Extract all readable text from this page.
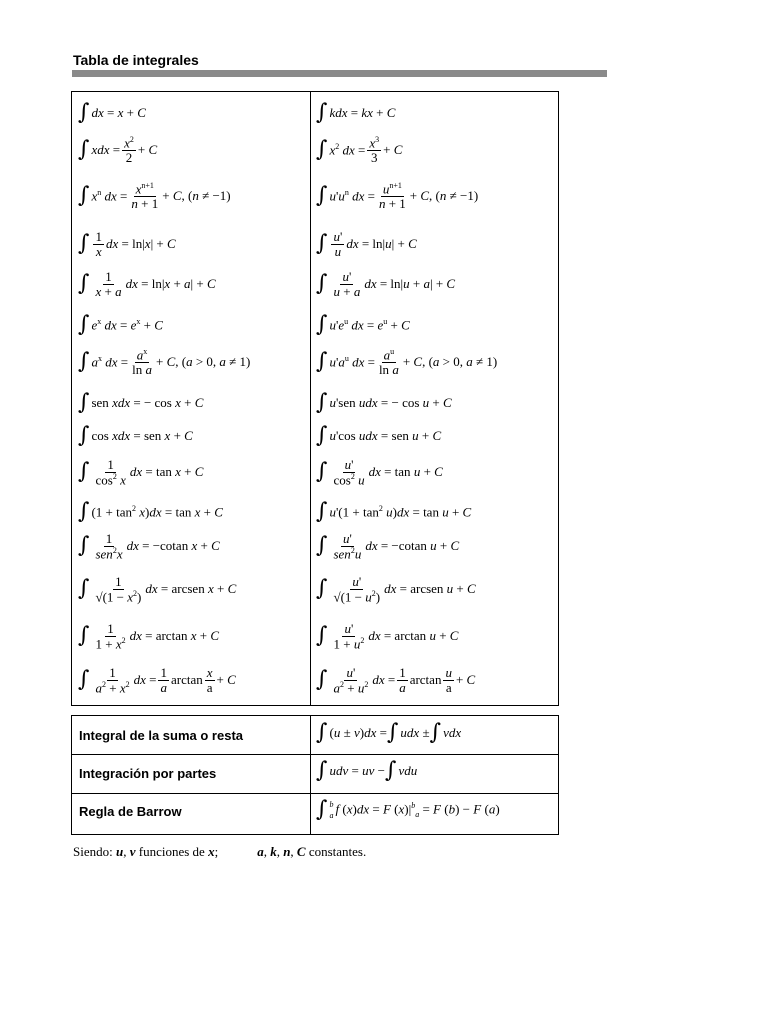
Tabla de integrales
∫ dx = x + C
∫ xdx = $\frac{x^2}{2} + C$
∫ $x^n$ dx = $\frac{x^{n+1}}{n + 1} + C$, (n ≠ −1)
∫ $\frac{1}{x}$ dx = ln|x| + C
∫ $\frac{1}{x + a}$ dx = ln|x + a| + C
∫ $e^x$ dx = $e^x + C$
∫ $a^x$ dx = $\frac{a^x}{\text{ln a}} + C$, (a > 0, a ≠ 1)
∫ sen xdx = − cos x + C
∫ cos xdx = sen x + C
∫ $\frac{1}{\cos^2 x}$ dx = tan x + C
∫ $(1 + \tan^2 x)dx = \tan x + C$
∫ $\frac{1}{sen^2x}$ dx = −cotan x + C
∫ $\frac{1}{√(1 - x^2)}$ dx = arcsen x + C
∫ $\frac{1}{1 + x^2}$ dx = arctan x + C
∫ $\frac{1}{a^2 + x^2}$ dx = $\frac{1}{a}$ $\arctan \frac{x}{a} + C$
∫ kdx = kx + C
∫ $x^2$ dx = $\frac{x^3}{3} + C$
∫ $u'u^n$ dx = $\frac{u^{n+1}}{n + 1} + C$, (n ≠ −1)
∫ $\frac{u'}{u}$ dx = ln|u| + C
∫ $\frac{u'}{u + a}$ dx = ln|u + a| + C
∫ $u'e^u$ dx = $e^u + C$
∫ $u'a^u$ dx = $\frac{a^u}{\text{ln a}} + C$, (a > 0, a ≠ 1)
∫ u'sen udx = − cos u + C
∫ u'cos udx = sen u + C
∫ $\frac{u'}{\cos^2 u}$ dx = tan u + C
∫ $u'(1 + \tan^2 u)dx = \tan u + C$
∫ $\frac{u'}{sen^2u}$ dx = −cotan u + C
∫ $\frac{u'}{√(1 - u^2)}$ dx = arcsen u + C
∫ $\frac{u'}{1 + u^2}$ dx = arctan u + C
∫ $\frac{u'}{a^2 + u^2}$ dx = $\frac{1}{a}$ $\arctan \frac{u}{a} + C$
Integral de la suma o resta
Integración por partes
Regla de Barrow
∫ (u ± v)dx = ∫ udx ± ∫ vdx
∫ udv = uv − ∫ vdu
∫ b
a f (x)dx = F $(x)|^b_a = F$ (b) − F (a)
Siendo: u, v funciones de x;            a, k, n, C constantes.
